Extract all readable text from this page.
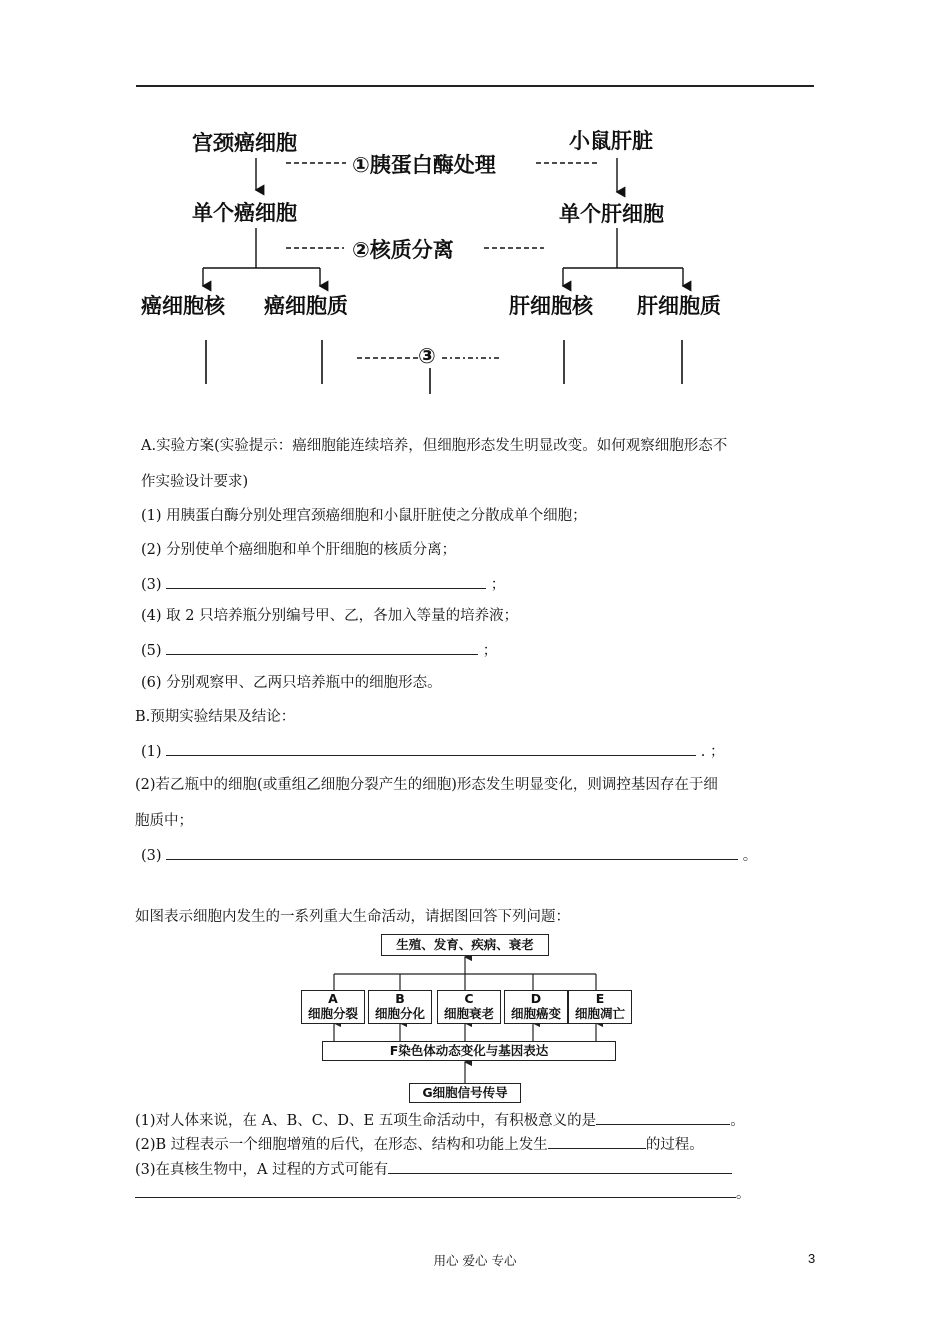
宫颈癌细胞	小鼠肝脏
①胰蛋白酶处理
单个癌细胞	单个肝细胞
②核质分离
癌细胞核 癌细胞质	肝细胞核 肝细胞质
③
A.实验方案(实验提示：癌细胞能连续培养，但细胞形态发生明显改变。如何观察细胞形态不
作实验设计要求)
(1) 用胰蛋白酶分别处理宫颈癌细胞和小鼠肝脏使之分散成单个细胞；
(2) 分别使单个癌细胞和单个肝细胞的核质分离；
(3)	；
(4) 取 2 只培养瓶分别编号甲、乙，各加入等量的培养液；
(5)	；
(6) 分别观察甲、乙两只培养瓶中的细胞形态。
B.预期实验结果及结论：
(1)	. ；
(2)若乙瓶中的细胞(或重组乙细胞分裂产生的细胞)形态发生明显变化，则调控基因存在于细
胞质中；
(3)	。
如图表示细胞内发生的一系列重大生命活动，请据图回答下列问题：
生殖、发育、疾病、衰老
A
细胞分裂
B
细胞分化
C
细胞衰老
D
细胞癌变
E
细胞凋亡
F染色体动态变化与基因表达
G细胞信号传导
(1)对人体来说，在 A、B、C、D、E 五项生命活动中，有积极意义的是	。
(2)B 过程表示一个细胞增殖的后代，在形态、结构和功能上发生	的过程。
(3)在真核生物中，A 过程的方式可能有
。
用心 爱心 专心	3
